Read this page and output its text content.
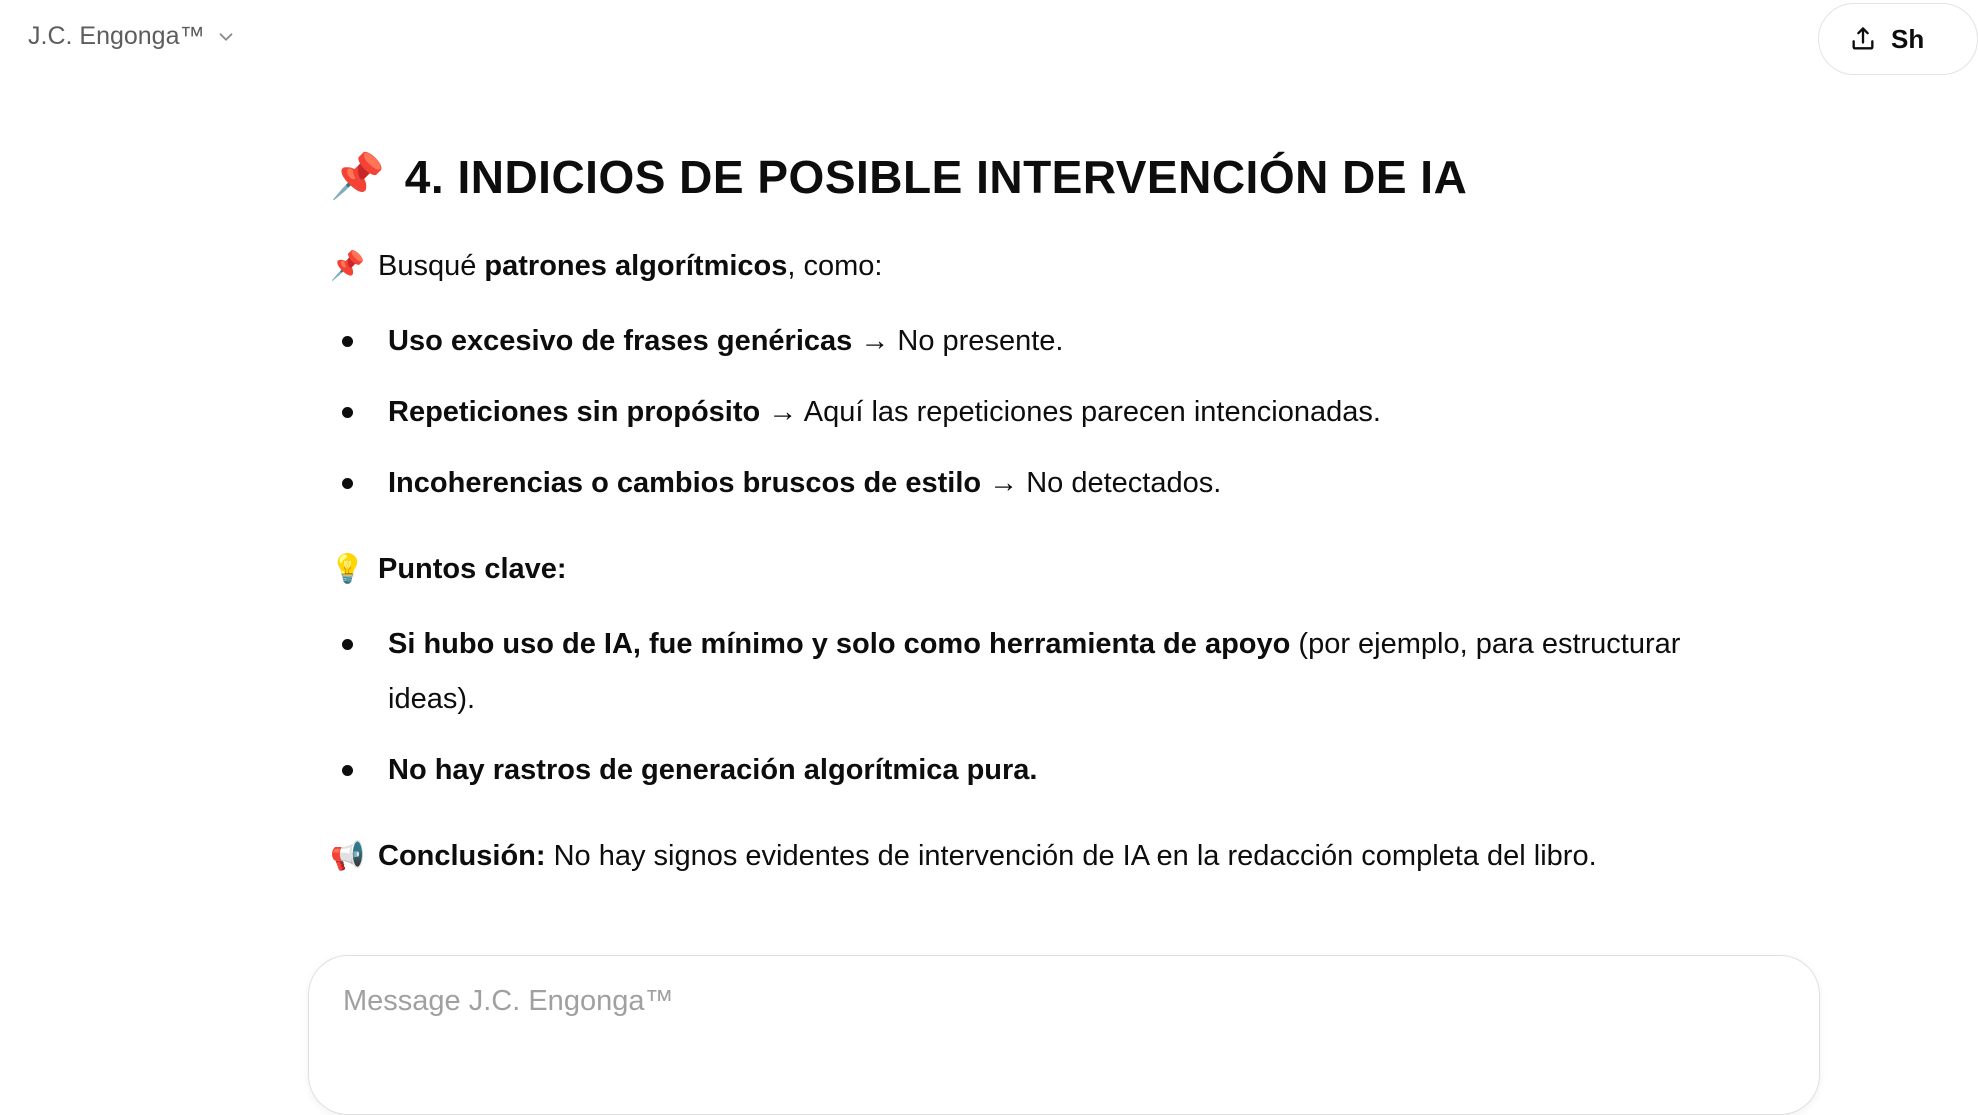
J.C. Engonga™	Sh
📌 4. INDICIOS DE POSIBLE INTERVENCIÓN DE IA
📌 Busqué patrones algorítmicos, como:
Uso excesivo de frases genéricas → No presente.
Repeticiones sin propósito → Aquí las repeticiones parecen intencionadas.
Incoherencias o cambios bruscos de estilo → No detectados.
💡 Puntos clave:
Si hubo uso de IA, fue mínimo y solo como herramienta de apoyo (por ejemplo, para estructurar ideas).
No hay rastros de generación algorítmica pura.
📢 Conclusión: No hay signos evidentes de intervención de IA en la redacción completa del libro.
Message J.C. Engonga™
